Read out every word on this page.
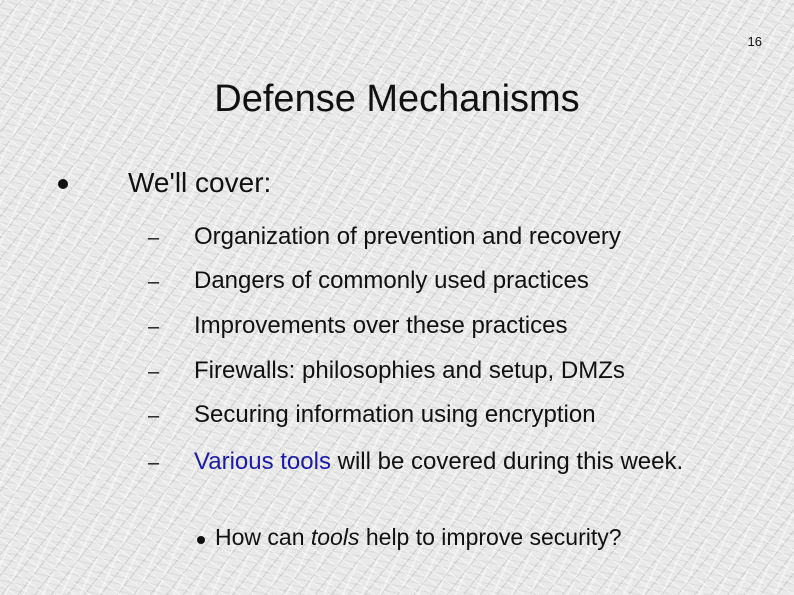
16
Defense Mechanisms
We'll cover:
– Organization of prevention and recovery
– Dangers of commonly used practices
– Improvements over these practices
– Firewalls: philosophies and setup, DMZs
– Securing information using encryption
– Various tools will be covered during this week.
How can tools help to improve security?
